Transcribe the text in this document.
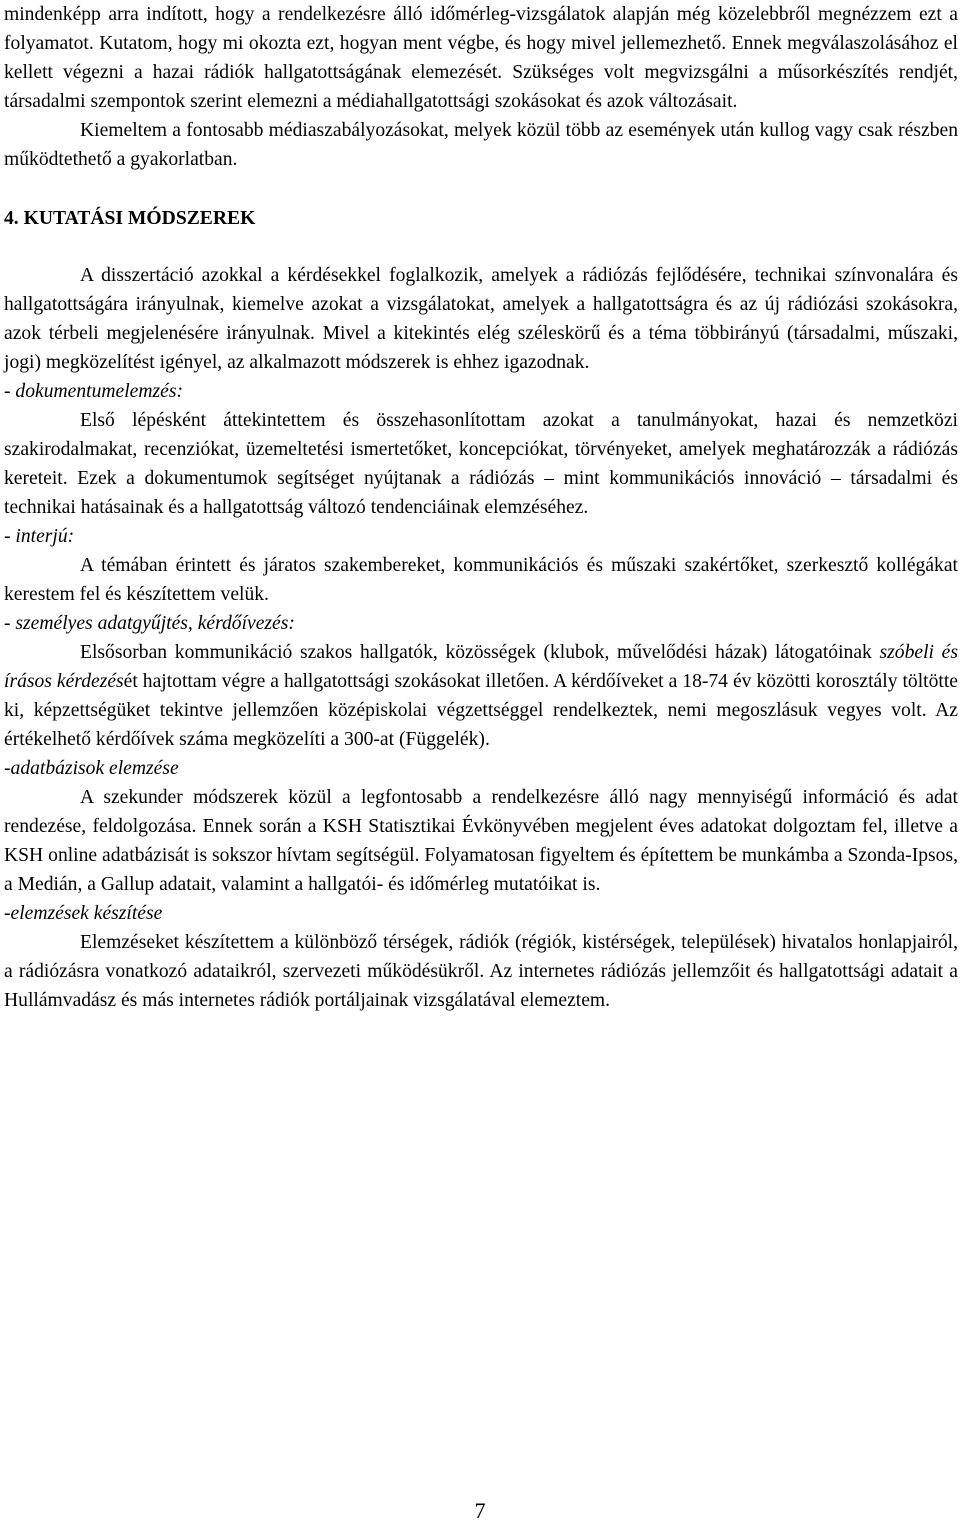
mindenképp arra indított, hogy a rendelkezésre álló időmérleg-vizsgálatok alapján még közelebbről megnézzem ezt a folyamatot. Kutatom, hogy mi okozta ezt, hogyan ment végbe, és hogy mivel jellemezhető. Ennek megválaszolásához el kellett végezni a hazai rádiók hallgatottságának elemezését. Szükséges volt megvizsgálni a műsorkészítés rendjét, társadalmi szempontok szerint elemezni a médiahallgatottsági szokásokat és azok változásait.

Kiemeltem a fontosabb médiaszabályozásokat, melyek közül több az események után kullog vagy csak részben működtethető a gyakorlatban.

4. KUTATÁSI MÓDSZEREK

A disszertáció azokkal a kérdésekkel foglalkozik, amelyek a rádiózás fejlődésére, technikai színvonalára és hallgatottságára irányulnak, kiemelve azokat a vizsgálatokat, amelyek a hallgatottságra és az új rádiózási szokásokra, azok térbeli megjelenésére irányulnak. Mivel a kitekintés elég széleskörű és a téma többirányú (társadalmi, műszaki, jogi) megközelítést igényel, az alkalmazott módszerek is ehhez igazodnak.

- dokumentumelemzés:

Első lépésként áttekintettem és összehasonlítottam azokat a tanulmányokat, hazai és nemzetközi szakirodalmakat, recenziókat, üzemeltetési ismertetőket, koncepciókat, törvényeket, amelyek meghatározzák a rádiózás kereteit. Ezek a dokumentumok segítséget nyújtanak a rádiózás – mint kommunikációs innováció – társadalmi és technikai hatásainak és a hallgatottság változó tendenciáinak elemzéséhez.

- interjú:

A témában érintett és járatos szakembereket, kommunikációs és műszaki szakértőket, szerkesztő kollégákat kerestem fel és készítettem velük.

- személyes adatgyűjtés, kérdőívezés:

Elsősorban kommunikáció szakos hallgatók, közösségek (klubok, művelődési házak) látogatóinak szóbeli és írásos kérdezését hajtottam végre a hallgatottsági szokásokat illetően. A kérdőíveket a 18-74 év közötti korosztály töltötte ki, képzettségüket tekintve jellemzően középiskolai végzettséggel rendelkeztek, nemi megoszlásuk vegyes volt. Az értékelhető kérdőívek száma megközelíti a 300-at (Függelék).

-adatbázisok elemzése

A szekunder módszerek közül a legfontosabb a rendelkezésre álló nagy mennyiségű információ és adat rendezése, feldolgozása. Ennek során a KSH Statisztikai Évkönyvében megjelent éves adatokat dolgoztam fel, illetve a KSH online adatbázisát is sokszor hívtam segítségül. Folyamatosan figyeltem és építettem be munkámba a Szonda-Ipsos, a Medián, a Gallup adatait, valamint a hallgatói- és időmérleg mutatóikat is.

-elemzések készítése

Elemzéseket készítettem a különböző térségek, rádiók (régiók, kistérségek, települések) hivatalos honlapjairól, a rádiózásra vonatkozó adataikról, szervezeti működésükről. Az internetes rádiózás jellemzőit és hallgatottsági adatait a Hullámvadász és más internetes rádiók portáljainak vizsgálatával elemeztem.

7
